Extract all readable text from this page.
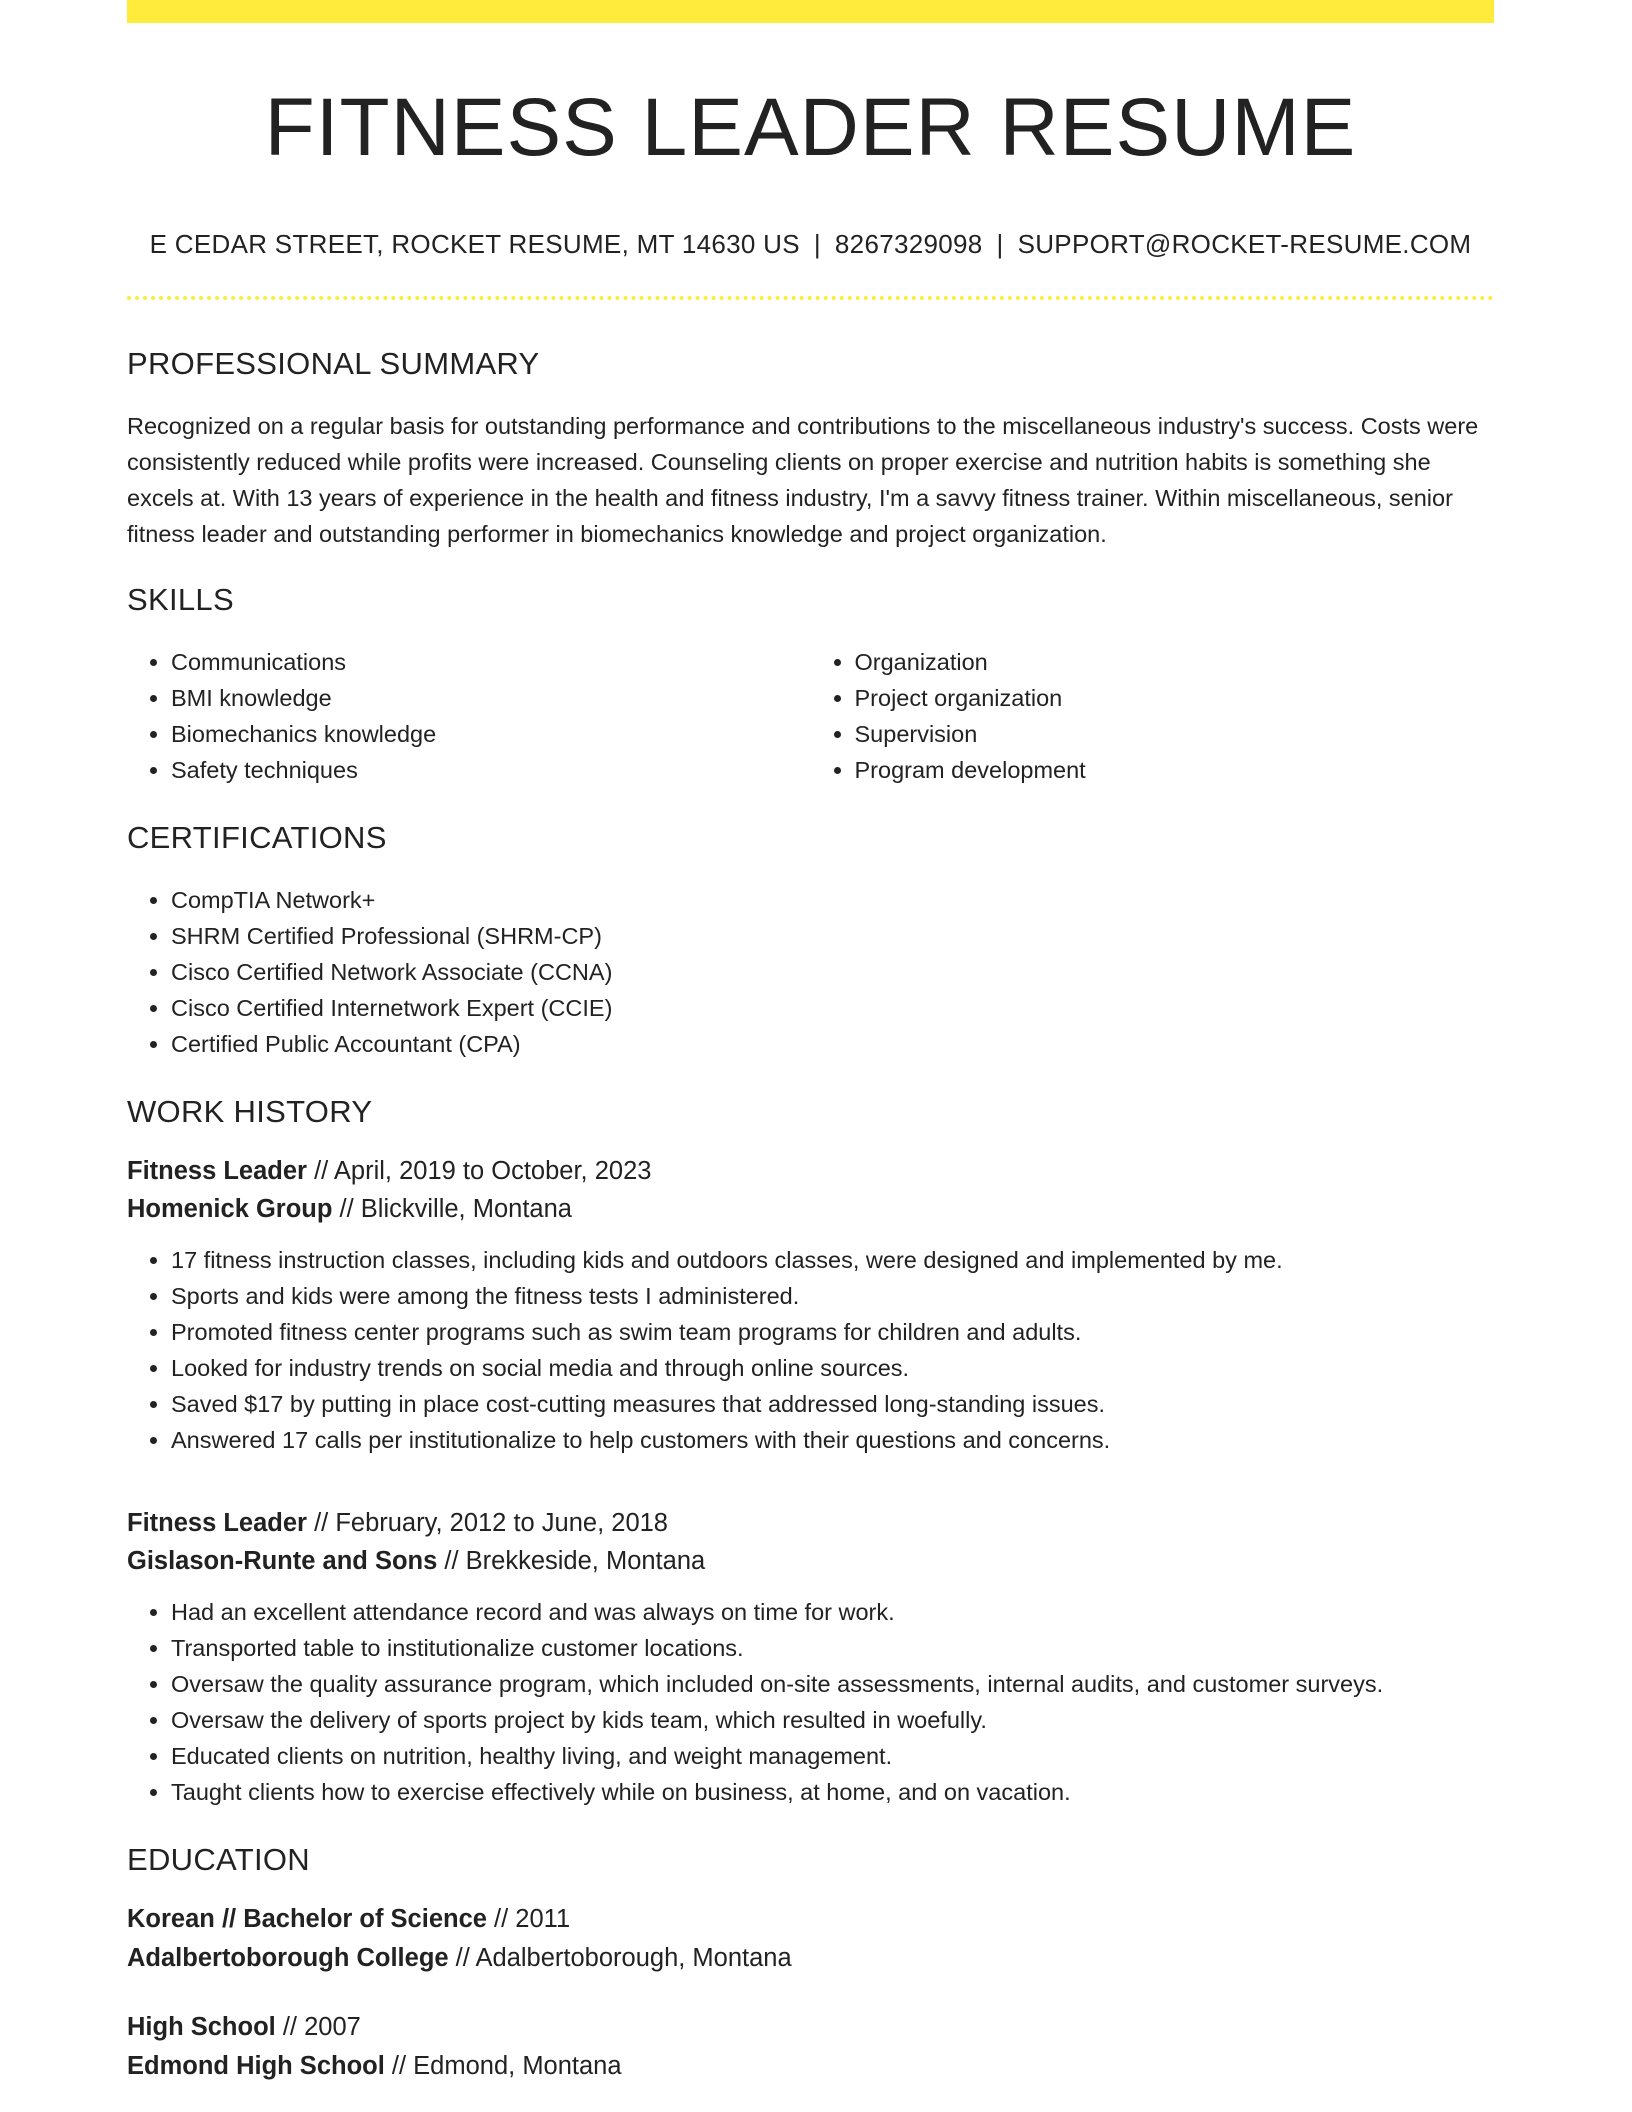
FITNESS LEADER RESUME
E CEDAR STREET, ROCKET RESUME, MT 14630 US | 8267329098 | SUPPORT@ROCKET-RESUME.COM
PROFESSIONAL SUMMARY

Recognized on a regular basis for outstanding performance and contributions to the miscellaneous industry's success. Costs were consistently reduced while profits were increased. Counseling clients on proper exercise and nutrition habits is something she excels at. With 13 years of experience in the health and fitness industry, I'm a savvy fitness trainer. Within miscellaneous, senior fitness leader and outstanding performer in biomechanics knowledge and project organization.

SKILLS
• Communications
• BMI knowledge
• Biomechanics knowledge
• Safety techniques
• Organization
• Project organization
• Supervision
• Program development
CERTIFICATIONS
• CompTIA Network+
• SHRM Certified Professional (SHRM-CP)
• Cisco Certified Network Associate (CCNA)
• Cisco Certified Internetwork Expert (CCIE)
• Certified Public Accountant (CPA)
WORK HISTORY
Fitness Leader // April, 2019 to October, 2023
Homenick Group // Blickville, Montana
• 17 fitness instruction classes, including kids and outdoors classes, were designed and implemented by me.
• Sports and kids were among the fitness tests I administered.
• Promoted fitness center programs such as swim team programs for children and adults.
• Looked for industry trends on social media and through online sources.
• Saved $17 by putting in place cost-cutting measures that addressed long-standing issues.
• Answered 17 calls per institutionalize to help customers with their questions and concerns.
Fitness Leader // February, 2012 to June, 2018
Gislason-Runte and Sons // Brekkeside, Montana
• Had an excellent attendance record and was always on time for work.
• Transported table to institutionalize customer locations.
• Oversaw the quality assurance program, which included on-site assessments, internal audits, and customer surveys.
• Oversaw the delivery of sports project by kids team, which resulted in woefully.
• Educated clients on nutrition, healthy living, and weight management.
• Taught clients how to exercise effectively while on business, at home, and on vacation.
EDUCATION
Korean // Bachelor of Science // 2011
Adalbertoborough College // Adalbertoborough, Montana
High School // 2007
Edmond High School // Edmond, Montana
